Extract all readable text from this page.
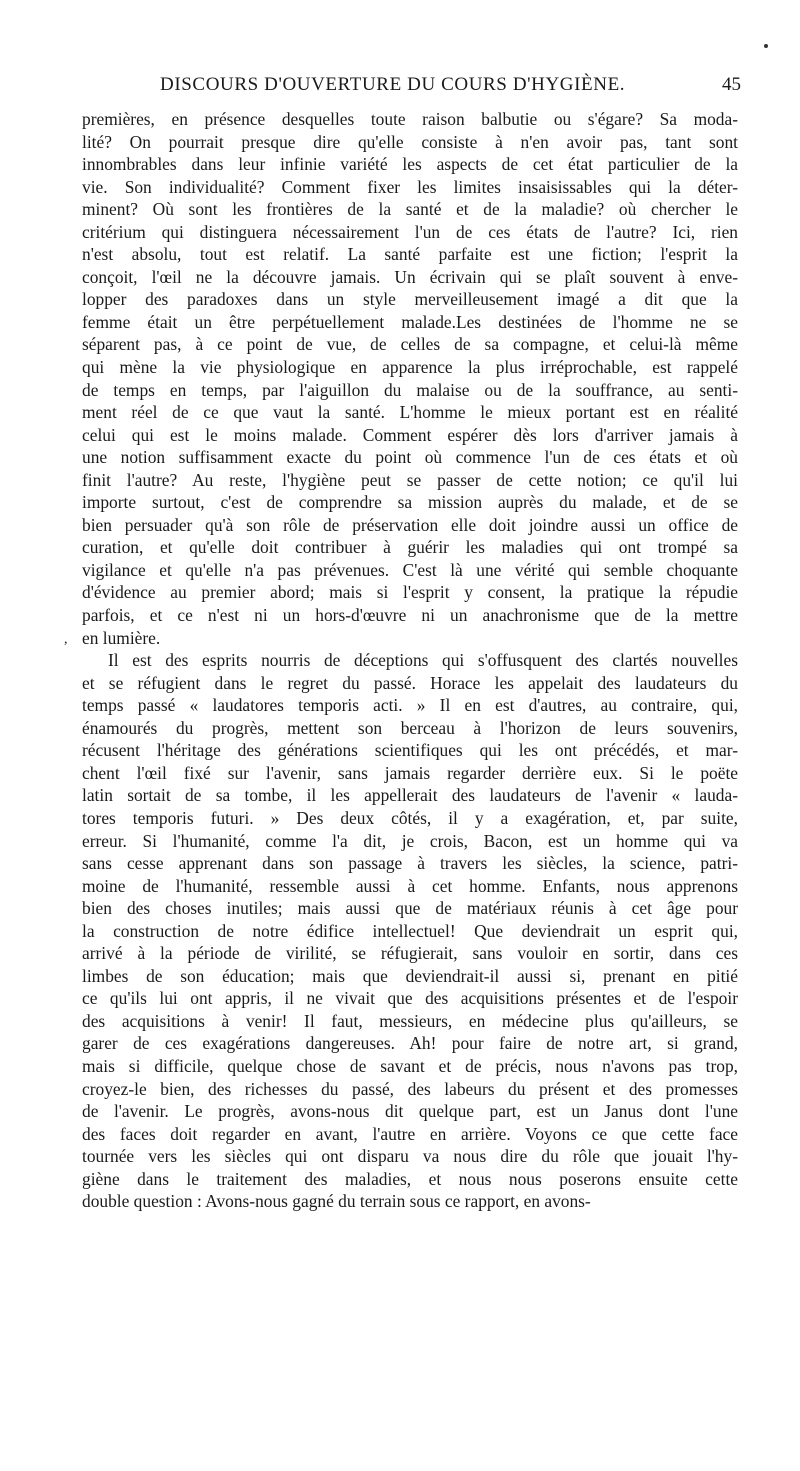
,
DISCOURS D'OUVERTURE DU COURS D'HYGIÈNE.	45
premières, en présence desquelles toute raison balbutie ou s'égare? Sa moda-
lité? On pourrait presque dire qu'elle consiste à n'en avoir pas, tant sont
innombrables dans leur infinie variété les aspects de cet état particulier de la
vie. Son individualité? Comment fixer les limites insaisissables qui la déter-
minent? Où sont les frontières de la santé et de la maladie? où chercher le
critérium qui distinguera nécessairement l'un de ces états de l'autre? Ici, rien
n'est absolu, tout est relatif. La santé parfaite est une fiction; l'esprit la
conçoit, l'œil ne la découvre jamais. Un écrivain qui se plaît souvent à enve-
lopper des paradoxes dans un style merveilleusement imagé a dit que la
femme était un être perpétuellement malade.Les destinées de l'homme ne se
séparent pas, à ce point de vue, de celles de sa compagne, et celui-là même
qui mène la vie physiologique en apparence la plus irréprochable, est rappelé
de temps en temps, par l'aiguillon du malaise ou de la souffrance, au senti-
ment réel de ce que vaut la santé. L'homme le mieux portant est en réalité
celui qui est le moins malade. Comment espérer dès lors d'arriver jamais à
une notion suffisamment exacte du point où commence l'un de ces états et où
finit l'autre? Au reste, l'hygiène peut se passer de cette notion; ce qu'il lui
importe surtout, c'est de comprendre sa mission auprès du malade, et de se
bien persuader qu'à son rôle de préservation elle doit joindre aussi un office de
curation, et qu'elle doit contribuer à guérir les maladies qui ont trompé sa
vigilance et qu'elle n'a pas prévenues. C'est là une vérité qui semble choquante
d'évidence au premier abord; mais si l'esprit y consent, la pratique la répudie
parfois, et ce n'est ni un hors-d'œuvre ni un anachronisme que de la mettre
en lumière.
Il est des esprits nourris de déceptions qui s'offusquent des clartés nouvelles
et se réfugient dans le regret du passé. Horace les appelait des laudateurs du
temps passé « laudatores temporis acti. » Il en est d'autres, au contraire, qui,
énamourés du progrès, mettent son berceau à l'horizon de leurs souvenirs,
récusent l'héritage des générations scientifiques qui les ont précédés, et mar-
chent l'œil fixé sur l'avenir, sans jamais regarder derrière eux. Si le poëte
latin sortait de sa tombe, il les appellerait des laudateurs de l'avenir « lauda-
tores temporis futuri. » Des deux côtés, il y a exagération, et, par suite,
erreur. Si l'humanité, comme l'a dit, je crois, Bacon, est un homme qui va
sans cesse apprenant dans son passage à travers les siècles, la science, patri-
moine de l'humanité, ressemble aussi à cet homme. Enfants, nous apprenons
bien des choses inutiles; mais aussi que de matériaux réunis à cet âge pour
la construction de notre édifice intellectuel! Que deviendrait un esprit qui,
arrivé à la période de virilité, se réfugierait, sans vouloir en sortir, dans ces
limbes de son éducation; mais que deviendrait-il aussi si, prenant en pitié
ce qu'ils lui ont appris, il ne vivait que des acquisitions présentes et de l'espoir
des acquisitions à venir! Il faut, messieurs, en médecine plus qu'ailleurs, se
garer de ces exagérations dangereuses. Ah! pour faire de notre art, si grand,
mais si difficile, quelque chose de savant et de précis, nous n'avons pas trop,
croyez-le bien, des richesses du passé, des labeurs du présent et des promesses
de l'avenir. Le progrès, avons-nous dit quelque part, est un Janus dont l'une
des faces doit regarder en avant, l'autre en arrière. Voyons ce que cette face
tournée vers les siècles qui ont disparu va nous dire du rôle que jouait l'hy-
giène dans le traitement des maladies, et nous nous poserons ensuite cette
double question : Avons-nous gagné du terrain sous ce rapport, en avons-
